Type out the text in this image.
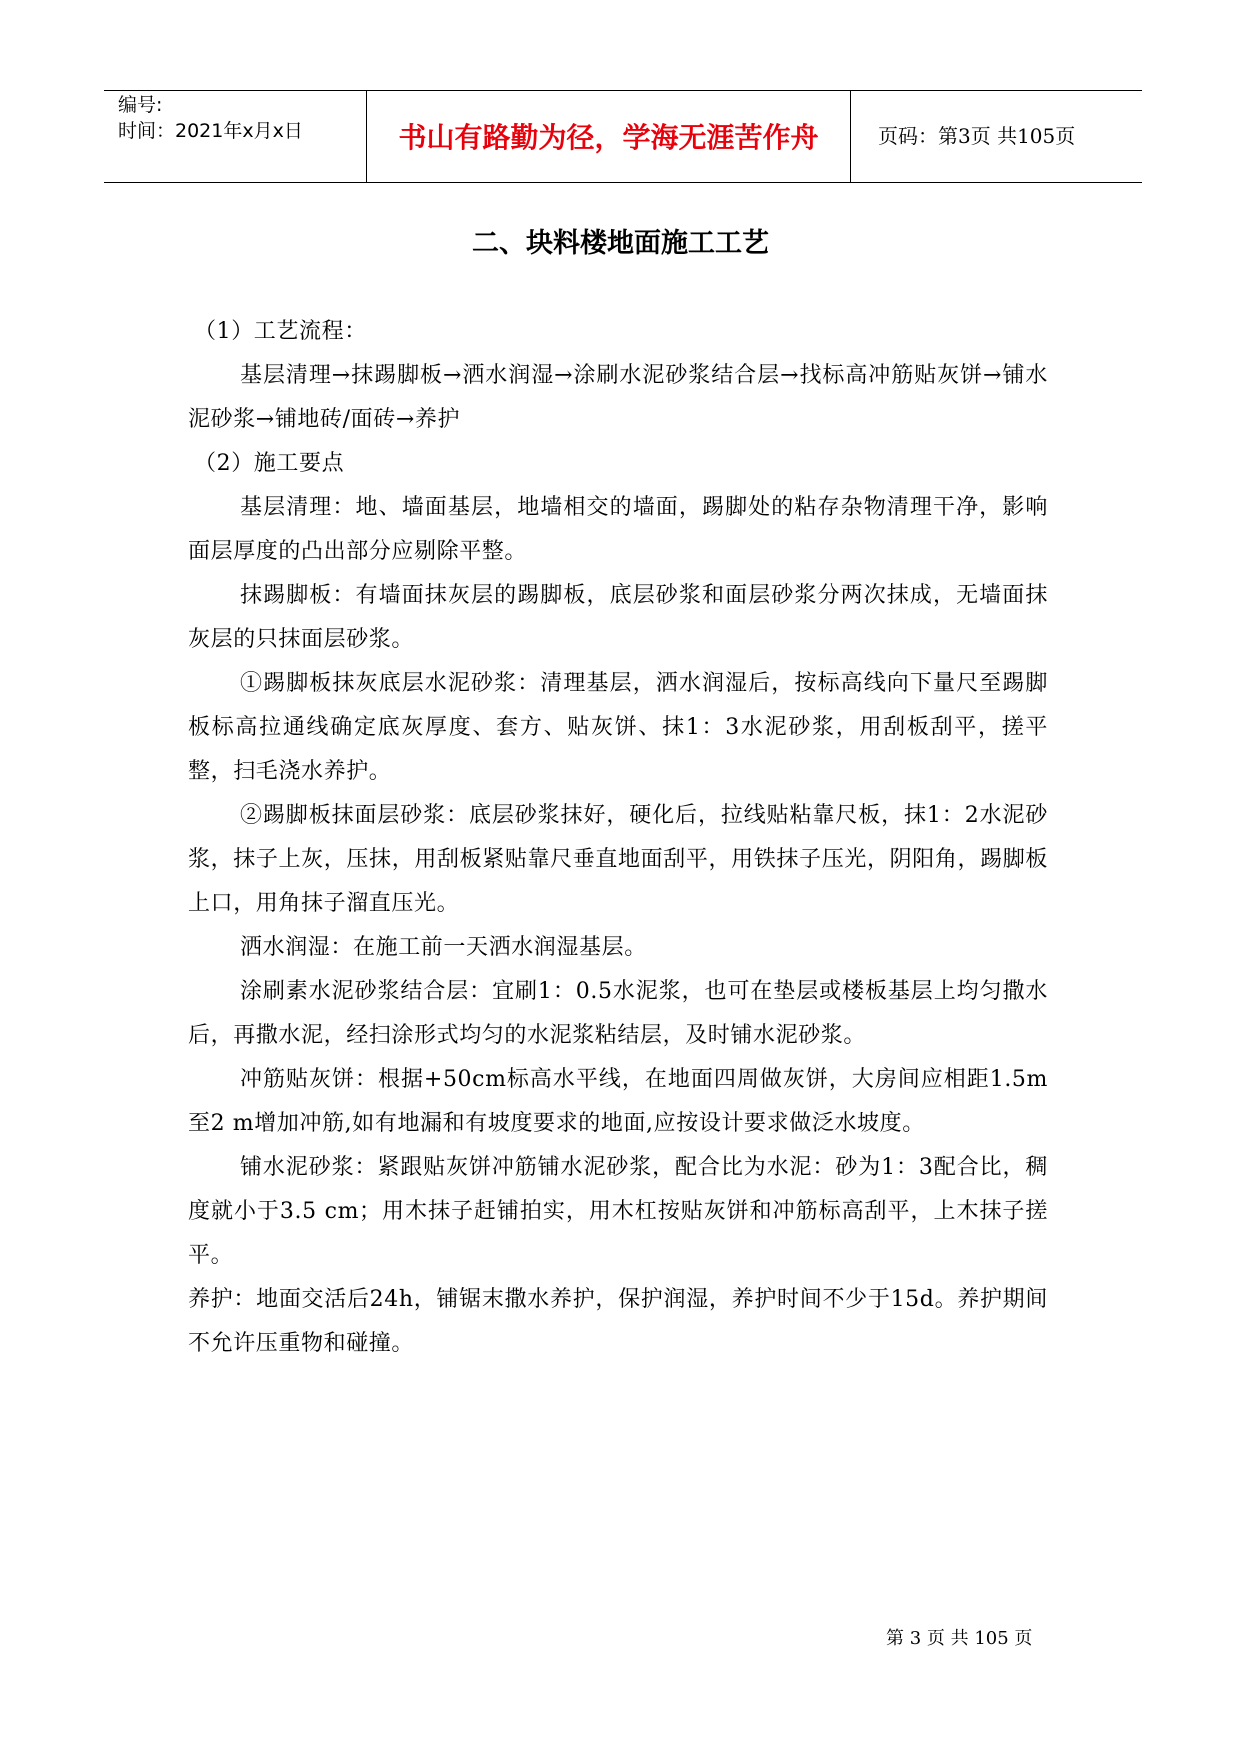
编号:
时间：2021年x月x日	书山有路勤为径，学海无涯苦作舟	页码：第3页 共105页
二、块料楼地面施工工艺

（1）工艺流程：

基层清理→抹踢脚板→洒水润湿→涂刷水泥砂浆结合层→找标高冲筋贴灰饼→铺水泥砂浆→铺地砖/面砖→养护

（2）施工要点

基层清理：地、墙面基层，地墙相交的墙面，踢脚处的粘存杂物清理干净，影响面层厚度的凸出部分应剔除平整。

抹踢脚板：有墙面抹灰层的踢脚板，底层砂浆和面层砂浆分两次抹成，无墙面抹灰层的只抹面层砂浆。

①踢脚板抹灰底层水泥砂浆：清理基层，洒水润湿后，按标高线向下量尺至踢脚板标高拉通线确定底灰厚度、套方、贴灰饼、抹1：3水泥砂浆，用刮板刮平，搓平整，扫毛浇水养护。

②踢脚板抹面层砂浆：底层砂浆抹好，硬化后，拉线贴粘靠尺板，抹1：2水泥砂浆，抹子上灰，压抹，用刮板紧贴靠尺垂直地面刮平，用铁抹子压光，阴阳角，踢脚板上口，用角抹子溜直压光。

洒水润湿：在施工前一天洒水润湿基层。

涂刷素水泥砂浆结合层：宜刷1：0.5水泥浆，也可在垫层或楼板基层上均匀撒水后，再撒水泥，经扫涂形式均匀的水泥浆粘结层，及时铺水泥砂浆。

冲筋贴灰饼：根据+50cm标高水平线，在地面四周做灰饼，大房间应相距1.5m至2 m增加冲筋,如有地漏和有坡度要求的地面,应按设计要求做泛水坡度。

铺水泥砂浆：紧跟贴灰饼冲筋铺水泥砂浆，配合比为水泥：砂为1：3配合比，稠度就小于3.5 cm；用木抹子赶铺拍实，用木杠按贴灰饼和冲筋标高刮平，上木抹子搓平。

养护：地面交活后24h，铺锯末撒水养护，保护润湿，养护时间不少于15d。养护期间不允许压重物和碰撞。

第 3 页 共 105 页
